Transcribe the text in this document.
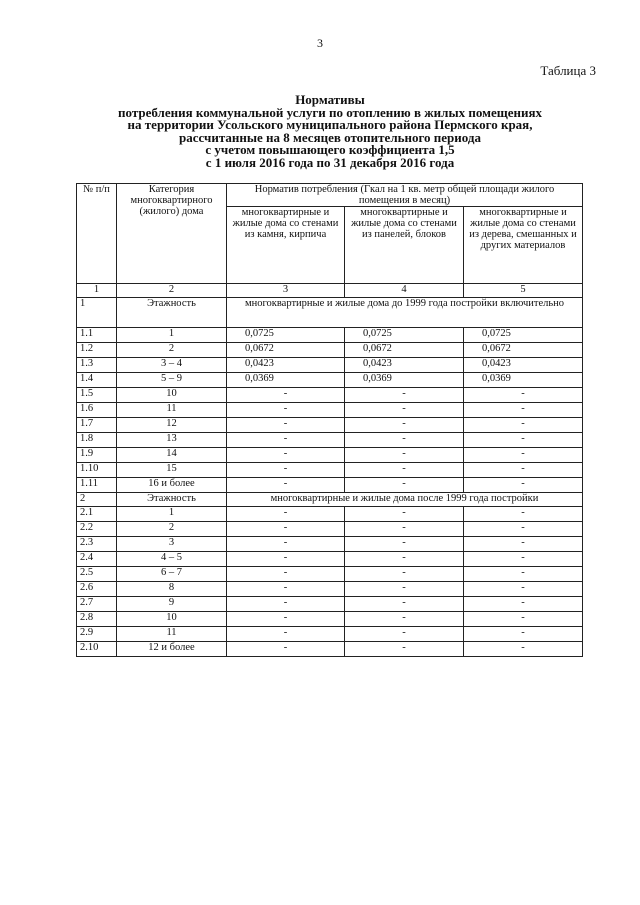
3
Таблица 3
Нормативы
потребления коммунальной услуги по отоплению в жилых помещениях
на территории Усольского муниципального района Пермского края,
рассчитанные на 8 месяцев отопительного периода
с учетом повышающего коэффициента 1,5
с 1 июля 2016 года по 31 декабря 2016 года
№ п/п	Категория многоквартирного (жилого) дома	Норматив потребления (Гкал на 1 кв. метр общей площади жилого помещения в месяц)		
		многоквартирные и жилые дома со стенами из камня, кирпича	многоквартирные и жилые дома со стенами из панелей, блоков	многоквартирные и жилые дома со стенами из дерева, смешанных и других материалов
1	2	3	4	5
1	Этажность	многоквартирные и жилые дома до 1999 года постройки включительно		
1.1	1	0,0725	0,0725	0,0725
1.2	2	0,0672	0,0672	0,0672
1.3	3 – 4	0,0423	0,0423	0,0423
1.4	5 – 9	0,0369	0,0369	0,0369
1.5	10	-	-	-
1.6	11	-	-	-
1.7	12	-	-	-
1.8	13	-	-	-
1.9	14	-	-	-
1.10	15	-	-	-
1.11	16 и более	-	-	-
2	Этажность	многоквартирные и жилые дома после 1999 года постройки		
2.1	1	-	-	-
2.2	2	-	-	-
2.3	3	-	-	-
2.4	4 – 5	-	-	-
2.5	6 – 7	-	-	-
2.6	8	-	-	-
2.7	9	-	-	-
2.8	10	-	-	-
2.9	11	-	-	-
2.10	12 и более	-	-	-
